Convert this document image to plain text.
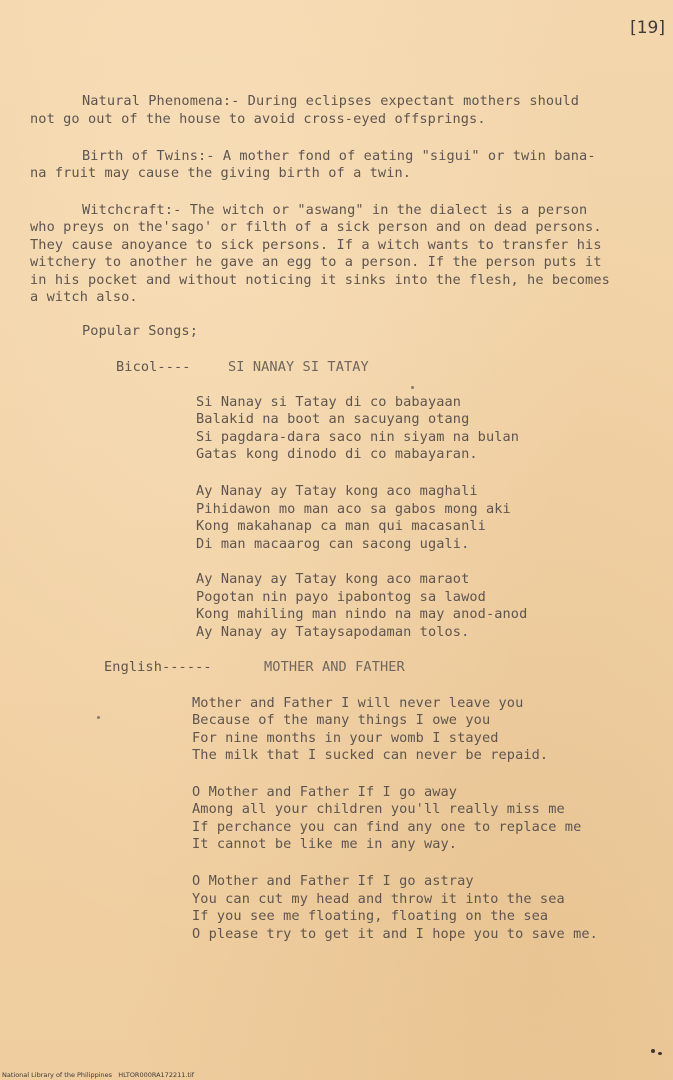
[19]
Natural Phenomena:- During eclipses expectant mothers should
not go out of the house to avoid cross-eyed offsprings.
Birth of Twins:- A mother fond of eating "sigui" or twin bana-
na fruit may cause the giving birth of a twin.
Witchcraft:- The witch or "aswang" in the dialect is a person
who preys on the'sago' or filth of a sick person and on dead persons.
They cause anoyance to sick persons. If a witch wants to transfer his
witchery to another he gave an egg to a person. If the person puts it
in his pocket and without noticing it sinks into the flesh, he becomes
a witch also.
Popular Songs;
Bicol----	SI NANAY SI TATAY
Si Nanay si Tatay di co babayaan
Balakid na boot an sacuyang otang
Si pagdara-dara saco nin siyam na bulan
Gatas kong dinodo di co mabayaran.
Ay Nanay ay Tatay kong aco maghali
Pihidawon mo man aco sa gabos mong aki
Kong makahanap ca man qui macasanli
Di man macaarog can sacong ugali.
Ay Nanay ay Tatay kong aco maraot
Pogotan nin payo ipabontog sa lawod
Kong mahiling man nindo na may anod-anod
Ay Nanay ay Tataysapodaman tolos.
English------	MOTHER AND FATHER
Mother and Father I will never leave you
Because of the many things I owe you
For nine months in your womb I stayed
The milk that I sucked can never be repaid.
O Mother and Father If I go away
Among all your children you'll really miss me
If perchance you can find any one to replace me
It cannot be like me in any way.
O Mother and Father If I go astray
You can cut my head and throw it into the sea
If you see me floating, floating on the sea
O please try to get it and I hope you to save me.
National Library of the Philippines   HLTOR000RA172211.tif
